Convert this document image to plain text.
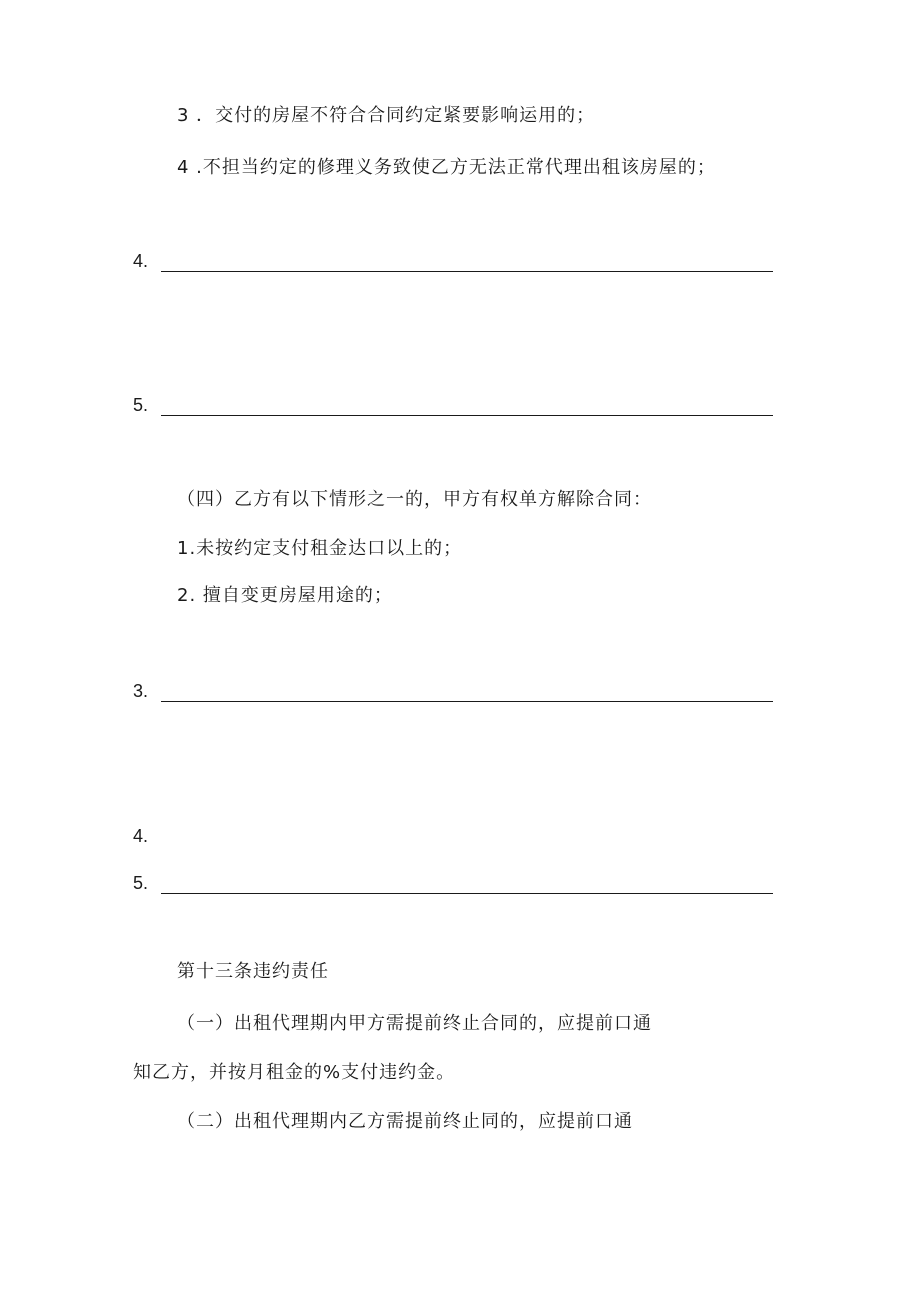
3 ．交付的房屋不符合合同约定紧要影响运用的；
4 .不担当约定的修理义务致使乙方无法正常代理出租该房屋的；
4.
5.
（四）乙方有以下情形之一的，甲方有权单方解除合同：
1.未按约定支付租金达口以上的；
2. 擅自变更房屋用途的；
3.
4.
5.
第十三条违约责任
（一）出租代理期内甲方需提前终止合同的，应提前口通
知乙方，并按月租金的%支付违约金。
（二）出租代理期内乙方需提前终止同的，应提前口通
